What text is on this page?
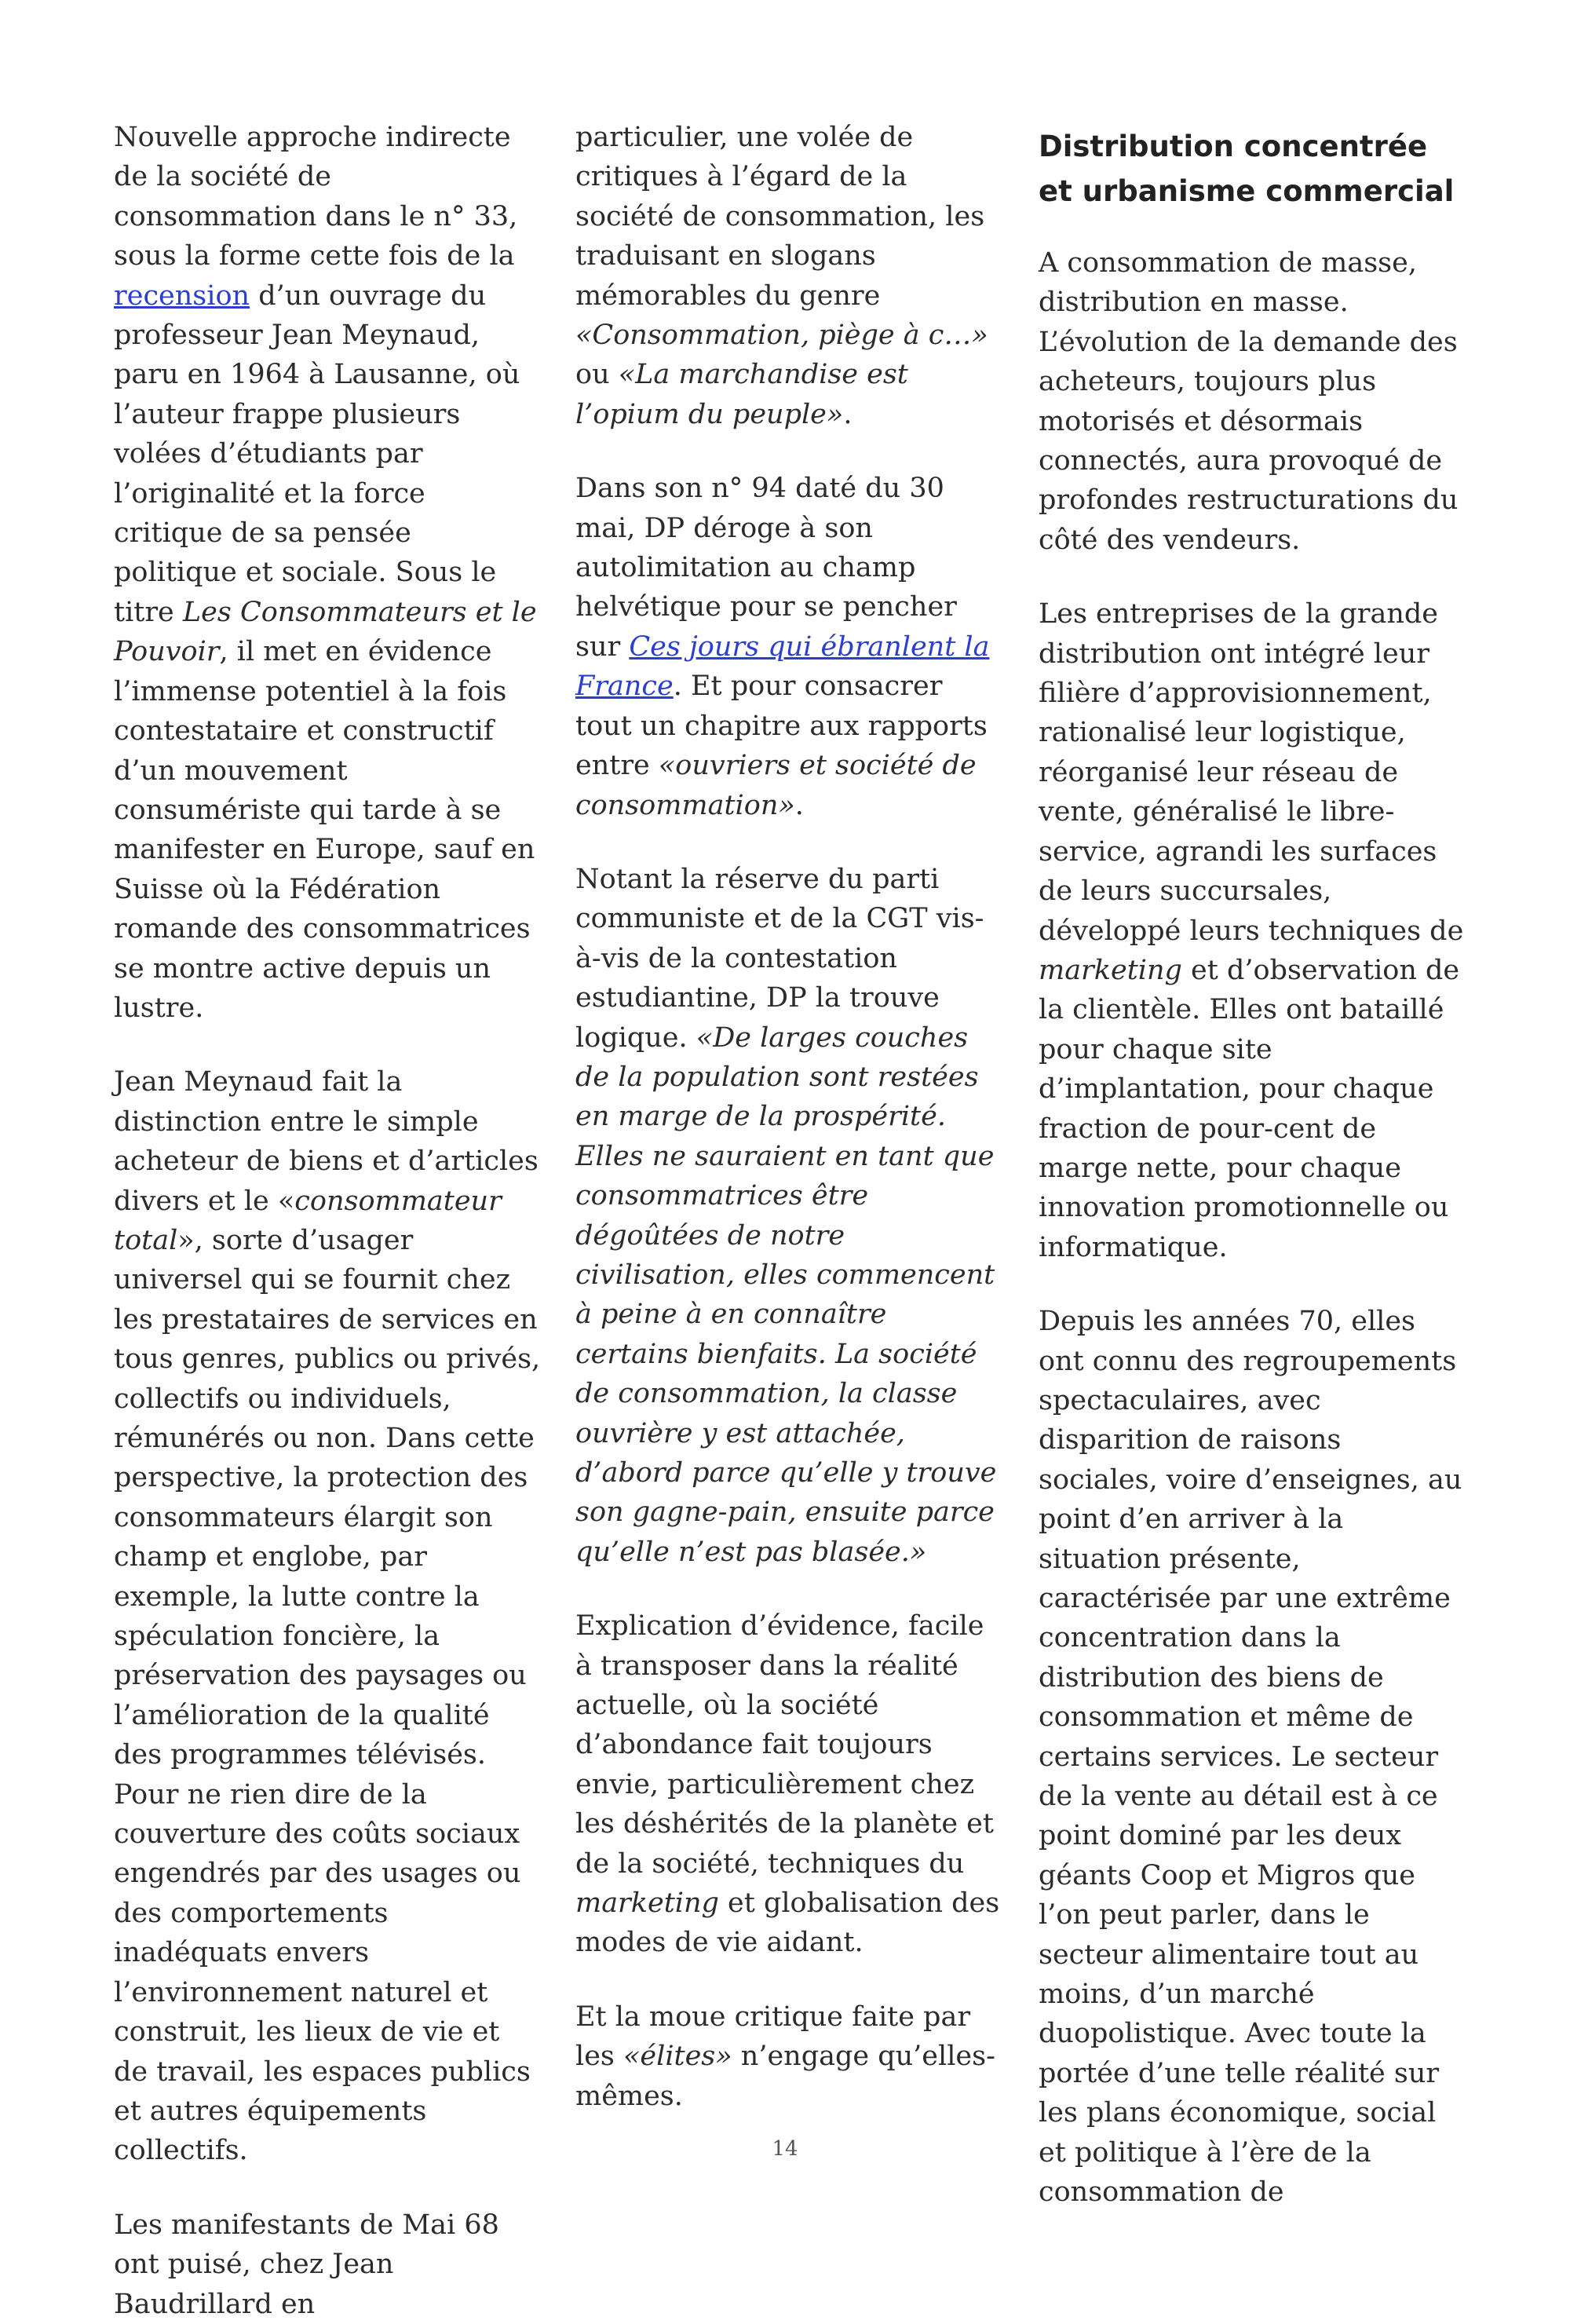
Nouvelle approche indirecte de la société de consommation dans le n° 33, sous la forme cette fois de la recension d’un ouvrage du professeur Jean Meynaud, paru en 1964 à Lausanne, où l’auteur frappe plusieurs volées d’étudiants par l’originalité et la force critique de sa pensée politique et sociale. Sous le titre Les Consommateurs et le Pouvoir, il met en évidence l’immense potentiel à la fois contestataire et constructif d’un mouvement consumériste qui tarde à se manifester en Europe, sauf en Suisse où la Fédération romande des consommatrices se montre active depuis un lustre.

Jean Meynaud fait la distinction entre le simple acheteur de biens et d’articles divers et le «consommateur total», sorte d’usager universel qui se fournit chez les prestataires de services en tous genres, publics ou privés, collectifs ou individuels, rémunérés ou non. Dans cette perspective, la protection des consommateurs élargit son champ et englobe, par exemple, la lutte contre la spéculation foncière, la préservation des paysages ou l’amélioration de la qualité des programmes télévisés. Pour ne rien dire de la couverture des coûts sociaux engendrés par des usages ou des comportements inadéquats envers l’environnement naturel et construit, les lieux de vie et de travail, les espaces publics et autres équipements collectifs.

Les manifestants de Mai 68 ont puisé, chez Jean Baudrillard en

particulier, une volée de critiques à l’égard de la société de consommation, les traduisant en slogans mémorables du genre «Consommation, piège à c…» ou «La marchandise est l’opium du peuple».

Dans son n° 94 daté du 30 mai, DP déroge à son autolimitation au champ helvétique pour se pencher sur Ces jours qui ébranlent la France. Et pour consacrer tout un chapitre aux rapports entre «ouvriers et société de consommation».

Notant la réserve du parti communiste et de la CGT vis-à-vis de la contestation estudiantine, DP la trouve logique. «De larges couches de la population sont restées en marge de la prospérité. Elles ne sauraient en tant que consommatrices être dégoûtées de notre civilisation, elles commencent à peine à en connaître certains bienfaits. La société de consommation, la classe ouvrière y est attachée, d’abord parce qu’elle y trouve son gagne-pain, ensuite parce qu’elle n’est pas blasée.»

Explication d’évidence, facile à transposer dans la réalité actuelle, où la société d’abondance fait toujours envie, particulièrement chez les déshérités de la planète et de la société, techniques du marketing et globalisation des modes de vie aidant.

Et la moue critique faite par les «élites» n’engage qu’elles-mêmes.

Distribution concentrée et urbanisme commercial

A consommation de masse, distribution en masse. L’évolution de la demande des acheteurs, toujours plus motorisés et désormais connectés, aura provoqué de profondes restructurations du côté des vendeurs.

Les entreprises de la grande distribution ont intégré leur filière d’approvisionnement, rationalisé leur logistique, réorganisé leur réseau de vente, généralisé le libre-service, agrandi les surfaces de leurs succursales, développé leurs techniques de marketing et d’observation de la clientèle. Elles ont bataillé pour chaque site d’implantation, pour chaque fraction de pour-cent de marge nette, pour chaque innovation promotionnelle ou informatique.

Depuis les années 70, elles ont connu des regroupements spectaculaires, avec disparition de raisons sociales, voire d’enseignes, au point d’en arriver à la situation présente, caractérisée par une extrême concentration dans la distribution des biens de consommation et même de certains services. Le secteur de la vente au détail est à ce point dominé par les deux géants Coop et Migros que l’on peut parler, dans le secteur alimentaire tout au moins, d’un marché duopolistique. Avec toute la portée d’une telle réalité sur les plans économique, social et politique à l’ère de la consommation de

14
